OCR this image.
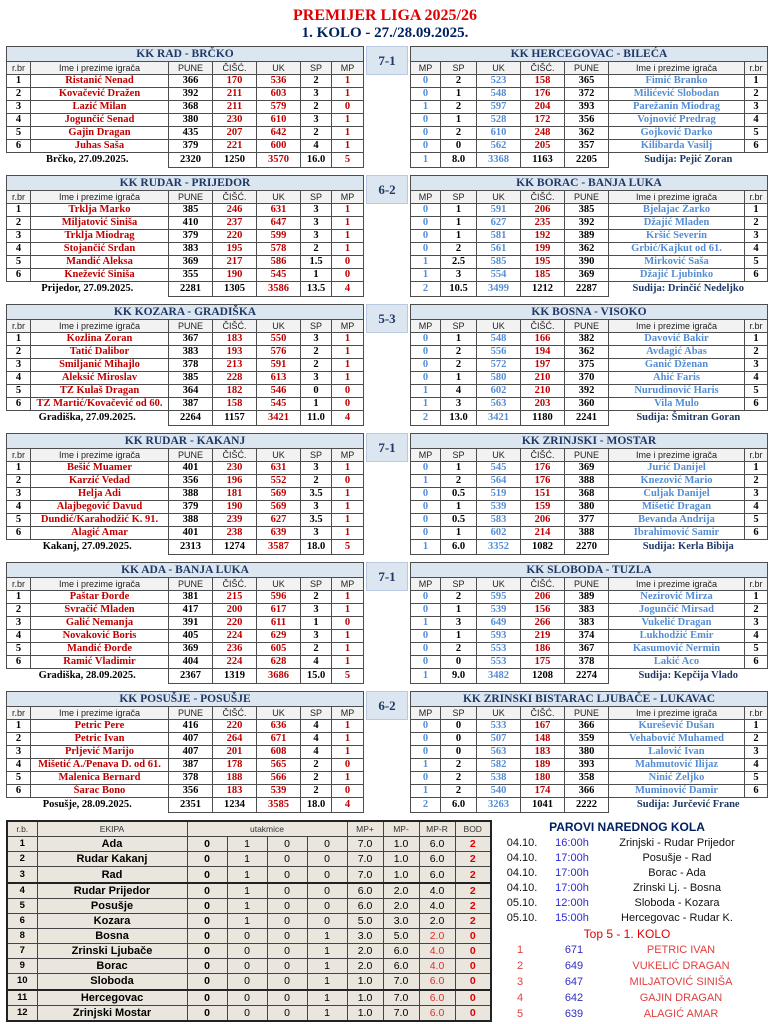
PREMIJER LIGA 2025/26
1. KOLO - 27./28.09.2025.
KK RAD - BRČKO						
r.br	Ime i prezime igrača	PUNE	ČIŠĆ.	UK	SP	MP
1	Ristanić Nenad	366	170	536	2	1
2	Kovačević Dražen	392	211	603	3	1
3	Lazić Milan	368	211	579	2	0
4	Jogunčić Senad	380	230	610	3	1
5	Gajin Dragan	435	207	642	2	1
6	Juhas Saša	379	221	600	4	1
Brčko, 27.09.2025.		2320	1250	3570	16.0	5
7-1	KK HERCEGOVAC - BILEĆA						
MP	SP	UK	ČIŠĆ.	PUNE	Ime i prezime igrača	r.br
0	2	523	158	365	Fimić Branko	1
0	1	548	176	372	Milićević Slobodan	2
1	2	597	204	393	Parežanin Miodrag	3
0	1	528	172	356	Vojnović Predrag	4
0	2	610	248	362	Gojković Darko	5
0	0	562	205	357	Kilibarda Vasilj	6
1	8.0	3368	1163	2205	Sudija: Pejić Zoran	
KK RUDAR - PRIJEDOR						
r.br	Ime i prezime igrača	PUNE	ČIŠĆ.	UK	SP	MP
1	Trklja Marko	385	246	631	3	1
2	Miljatović Siniša	410	237	647	3	1
3	Trklja Miodrag	379	220	599	3	1
4	Stojančić Srđan	383	195	578	2	1
5	Mandić Aleksa	369	217	586	1.5	0
6	Knežević Siniša	355	190	545	1	0
Prijedor, 27.09.2025.		2281	1305	3586	13.5	4
6-2	KK BORAC - BANJA LUKA						
MP	SP	UK	ČIŠĆ.	PUNE	Ime i prezime igrača	r.br
0	1	591	206	385	Bjelajac Žarko	1
0	1	627	235	392	Džajić Mladen	2
0	1	581	192	389	Kršić Severin	3
0	2	561	199	362	Grbić/Kajkut od 61.	4
1	2.5	585	195	390	Mirković Saša	5
1	3	554	185	369	Džajić Ljubinko	6
2	10.5	3499	1212	2287	Sudija: Drinčić Nedeljko	
KK KOZARA - GRADIŠKA						
r.br	Ime i prezime igrača	PUNE	ČIŠĆ.	UK	SP	MP
1	Kozlina Zoran	367	183	550	3	1
2	Tatić Dalibor	383	193	576	2	1
3	Smiljanić Mihajlo	378	213	591	2	1
4	Aleksić Miroslav	385	228	613	3	1
5	TZ Kulaš Dragan	364	182	546	0	0
6	TZ Martić/Kovačević od 60.	387	158	545	1	0
Gradiška, 27.09.2025.		2264	1157	3421	11.0	4
5-3	KK BOSNA - VISOKO						
MP	SP	UK	ČIŠĆ.	PUNE	Ime i prezime igrača	r.br
0	1	548	166	382	Davović Bakir	1
0	2	556	194	362	Avdagić Abas	2
0	2	572	197	375	Ganić Dženan	3
0	1	580	210	370	Ahić Faris	4
1	4	602	210	392	Nurudinović Haris	5
1	3	563	203	360	Vila Mulo	6
2	13.0	3421	1180	2241	Sudija: Šmitran Goran	
KK RUDAR - KAKANJ						
r.br	Ime i prezime igrača	PUNE	ČIŠĆ.	UK	SP	MP
1	Bešić Muamer	401	230	631	3	1
2	Karzić Vedad	356	196	552	2	0
3	Helja Adi	388	181	569	3.5	1
4	Alajbegović Davud	379	190	569	3	1
5	Dundić/Karahodžić K. 91.	388	239	627	3.5	1
6	Alagić Amar	401	238	639	3	1
Kakanj, 27.09.2025.		2313	1274	3587	18.0	5
7-1	KK ZRINJSKI - MOSTAR						
MP	SP	UK	ČIŠĆ.	PUNE	Ime i prezime igrača	r.br
0	1	545	176	369	Jurić Danijel	1
1	2	564	176	388	Knezović Mario	2
0	0.5	519	151	368	Ćuljak Danijel	3
0	1	539	159	380	Mišetić Dragan	4
0	0.5	583	206	377	Bevanda Andrija	5
0	1	602	214	388	Ibrahimović Samir	6
1	6.0	3352	1082	2270	Sudija: Kerla Bibija	
KK ADA - BANJA LUKA						
r.br	Ime i prezime igrača	PUNE	ČIŠĆ.	UK	SP	MP
1	Paštar Đorđe	381	215	596	2	1
2	Svračić Mladen	417	200	617	3	1
3	Galić Nemanja	391	220	611	1	0
4	Novaković Boris	405	224	629	3	1
5	Mandić Đorđe	369	236	605	2	1
6	Ramić Vladimir	404	224	628	4	1
Gradiška, 28.09.2025.		2367	1319	3686	15.0	5
7-1	KK SLOBODA - TUZLA						
MP	SP	UK	ČIŠĆ.	PUNE	Ime i prezime igrača	r.br
0	2	595	206	389	Nezirović Mirza	1
0	1	539	156	383	Jogunčić Mirsad	2
1	3	649	266	383	Vukelić Dragan	3
0	1	593	219	374	Lukhodžić Emir	4
0	2	553	186	367	Kasumović Nermin	5
0	0	553	175	378	Lakić Aco	6
1	9.0	3482	1208	2274	Sudija: Kepčija Vlado	
KK POSUŠJE - POSUŠJE						
r.br	Ime i prezime igrača	PUNE	ČIŠĆ.	UK	SP	MP
1	Petric Pere	416	220	636	4	1
2	Petric Ivan	407	264	671	4	1
3	Prljević Marijo	407	201	608	4	1
4	Mišetić A./Penava D. od 61.	387	178	565	2	0
5	Malenica Bernard	378	188	566	2	1
6	Šarac Bono	356	183	539	2	0
Posušje, 28.09.2025.		2351	1234	3585	18.0	4
6-2	KK ZRINSKI BISTARAC LJUBAČE - LUKAVAC						
MP	SP	UK	ČIŠĆ.	PUNE	Ime i prezime igrača	r.br
0	0	533	167	366	Kurešević Dušan	1
0	0	507	148	359	Vehabović Muhamed	2
0	0	563	183	380	Lalović Ivan	3
1	2	582	189	393	Mahmutović Ilijaz	4
0	2	538	180	358	Ninić Željko	5
1	2	540	174	366	Muminović Damir	6
2	6.0	3263	1041	2222	Sudija: Jurčević Frane	
r.b.	EKIPA	utakmice				MP+	MP-	MP-R	BOD
1	Ada	0	1	0	0	7.0	1.0	6.0	2
2	Rudar Kakanj	0	1	0	0	7.0	1.0	6.0	2
3	Rad	0	1	0	0	7.0	1.0	6.0	2
4	Rudar Prijedor	0	1	0	0	6.0	2.0	4.0	2
5	Posušje	0	1	0	0	6.0	2.0	4.0	2
6	Kozara	0	1	0	0	5.0	3.0	2.0	2
8	Bosna	0	0	0	1	3.0	5.0	2.0	0
7	Zrinski Ljubače	0	0	0	1	2.0	6.0	4.0	0
9	Borac	0	0	0	1	2.0	6.0	4.0	0
10	Sloboda	0	0	0	1	1.0	7.0	6.0	0
11	Hercegovac	0	0	0	1	1.0	7.0	6.0	0
12	Zrinjski Mostar	0	0	0	1	1.0	7.0	6.0	0
PAROVI NAREDNOG KOLA
04.10.	16:00h	Zrinjski - Rudar Prijedor
04.10.	17:00h	Posušje - Rad
04.10.	17:00h	Borac - Ada
04.10.	17:00h	Zrinski Lj. - Bosna
05.10.	12:00h	Sloboda - Kozara
05.10.	15:00h	Hercegovac - Rudar K.
Top 5 - 1. KOLO
1	671	PETRIC IVAN
2	649	VUKELIĆ DRAGAN
3	647	MILJATOVIĆ SINIŠA
4	642	GAJIN DRAGAN
5	639	ALAGIĆ AMAR
